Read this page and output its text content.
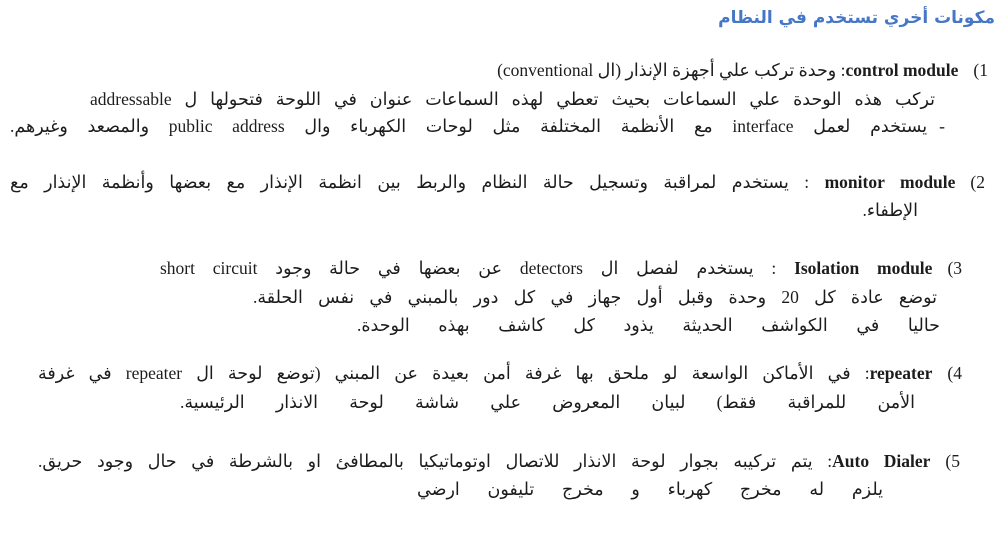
مكونات أخري تستخدم في النظام
(1control module: وحدة تركب علي أجهزة الإنذار (ال conventional)
تركب هذه الوحدة علي السماعات بحيث تعطي لهذه السماعات عنوان في اللوحة فتحولها ل addressable
-يستخدم لعمل interface مع الأنظمة المختلفة مثل لوحات الكهرباء وال public address والمصعد وغيرهم.
(2monitor module : يستخدم لمراقبة وتسجيل حالة النظام والربط بين انظمة الإنذار مع بعضها وأنظمة الإنذار مع
الإطفاء.
(3Isolation module : يستخدم لفصل ال detectors عن بعضها في حالة وجود short circuit
توضع عادة كل 20 وحدة وقبل أول جهاز في كل دور بالمبني في نفس الحلقة.
حاليا في الكواشف الحديثة يذود كل كاشف بهذه الوحدة.
(4repeater: في الأماكن الواسعة لو ملحق بها غرفة أمن بعيدة عن المبني (توضع لوحة ال repeater في غرفة
الأمن للمراقبة فقط) لبيان المعروض علي شاشة لوحة الانذار الرئيسية.
(5Auto Dialer: يتم تركيبه بجوار لوحة الانذار للاتصال اوتوماتيكيا بالمطافئ او بالشرطة في حال وجود حريق.
يلزم له مخرج كهرباء و مخرج تليفون ارضي
